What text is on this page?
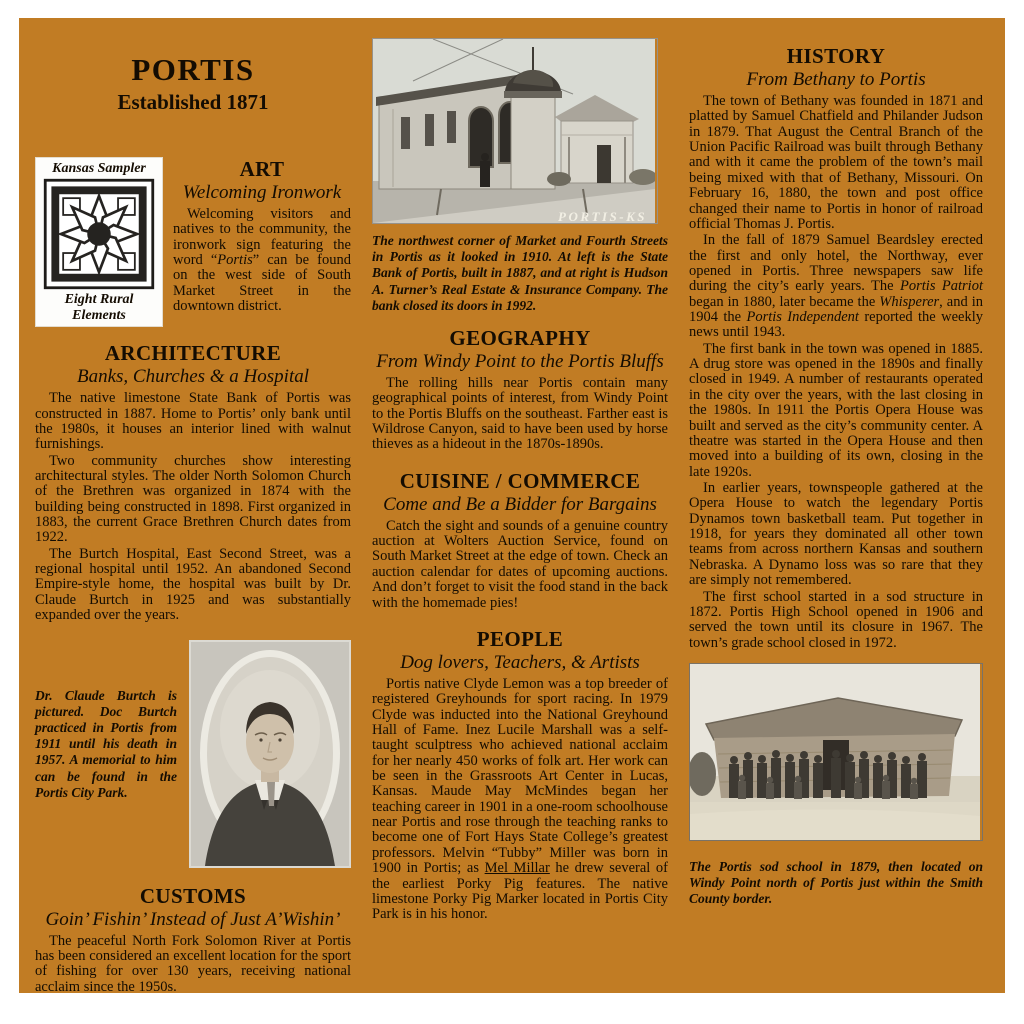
PORTIS
Established 1871
Kansas Sampler
Eight Rural Elements
ART
Welcoming Ironwork

Welcoming visitors and natives to the community, the ironwork sign featuring the word “Portis” can be found on the west side of South Market Street in the downtown district.

ARCHITECTURE
Banks, Churches & a Hospital

The native limestone State Bank of Portis was constructed in 1887. Home to Portis’ only bank until the 1980s, it houses an interior lined with walnut furnishings.

Two community churches show interesting architectural styles. The older North Solomon Church of the Brethren was organized in 1874 with the building being constructed in 1898. First organized in 1883, the current Grace Brethren Church dates from 1922.

The Burtch Hospital, East Second Street, was a regional hospital until 1952. An abandoned Second Empire-style home, the hospital was built by Dr. Claude Burtch in 1925 and was substantially expanded over the years.

Dr. Claude Burtch is pictured. Doc Burtch practiced in Portis from 1911 until his death in 1957. A memorial to him can be found in the Portis City Park.
CUSTOMS
Goin’ Fishin’ Instead of Just A’Wishin’

The peaceful North Fork Solomon River at Portis has been considered an excellent location for the sport of fishing for over 130 years, receiving national acclaim since the 1950s.

The northwest corner of Market and Fourth Streets in Portis as it looked in 1910. At left is the State Bank of Portis, built in 1887, and at right is Hudson A. Turner’s Real Estate & Insurance Company. The bank closed its doors in 1992.
GEOGRAPHY
From Windy Point to the Portis Bluffs

The rolling hills near Portis contain many geographical points of interest, from Windy Point to the Portis Bluffs on the southeast. Farther east is Wildrose Canyon, said to have been used by horse thieves as a hideout in the 1870s-1890s.

CUISINE / COMMERCE
Come and Be a Bidder for Bargains

Catch the sight and sounds of a genuine country auction at Wolters Auction Service, found on South Market Street at the edge of town. Check an auction calendar for dates of upcoming auctions. And don’t forget to visit the food stand in the back with the homemade pies!

PEOPLE
Dog lovers, Teachers, & Artists

Portis native Clyde Lemon was a top breeder of registered Greyhounds for sport racing. In 1979 Clyde was inducted into the National Greyhound Hall of Fame. Inez Lucile Marshall was a self-taught sculptress who achieved national acclaim for her nearly 450 works of folk art. Her work can be seen in the Grassroots Art Center in Lucas, Kansas. Maude May McMindes began her teaching career in 1901 in a one-room schoolhouse near Portis and rose through the teaching ranks to become one of Fort Hays State College’s greatest professors. Melvin “Tubby” Miller was born in 1900 in Portis; as Mel Millar he drew several of the earliest Porky Pig features. The native limestone Porky Pig Marker located in Portis City Park is in his honor.

HISTORY
From Bethany to Portis

The town of Bethany was founded in 1871 and platted by Samuel Chatfield and Philander Judson in 1879. That August the Central Branch of the Union Pacific Railroad was built through Bethany and with it came the problem of the town’s mail being mixed with that of Bethany, Missouri. On February 16, 1880, the town and post office changed their name to Portis in honor of railroad official Thomas J. Portis.

In the fall of 1879 Samuel Beardsley erected the first and only hotel, the Northway, ever opened in Portis. Three newspapers saw life during the city’s early years. The Portis Patriot began in 1880, later became the Whisperer, and in 1904 the Portis Independent reported the weekly news until 1943.

The first bank in the town was opened in 1885. A drug store was opened in the 1890s and finally closed in 1949. A number of restaurants operated in the city over the years, with the last closing in the 1980s. In 1911 the Portis Opera House was built and served as the city’s community center. A theatre was started in the Opera House and then moved into a building of its own, closing in the late 1920s.

In earlier years, townspeople gathered at the Opera House to watch the legendary Portis Dynamos town basketball team. Put together in 1918, for years they dominated all other town teams from across northern Kansas and southern Nebraska. A Dynamo loss was so rare that they are simply not remembered.

The first school started in a sod structure in 1872. Portis High School opened in 1906 and served the town until its closure in 1967. The town’s grade school closed in 1972.

The Portis sod school in 1879, then located on Windy Point north of Portis just within the Smith County border.
